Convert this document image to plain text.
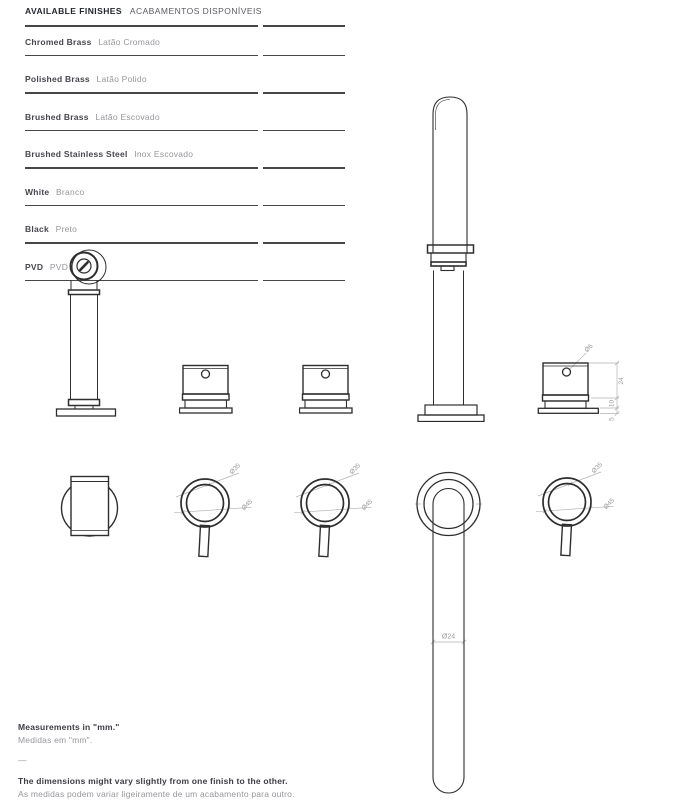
AVAILABLE FINISHES ACABAMENTOS DISPONÍVEIS
Chromed Brass Latão Cromado
Polished Brass Latão Polido
Brushed Brass Latão Escovado
Brushed Stainless Steel Inox Escovado
White Branco
Black Preto
PVD PVD
Ø6
24
10
5
Ø35
Ø45
Ø35
Ø45
Ø24
Ø35
Ø45
Measurements in "mm."
Medidas em "mm".
—
The dimensions might vary slightly from one finish to the other.
As medidas podem variar ligeiramente de um acabamento para outro.
